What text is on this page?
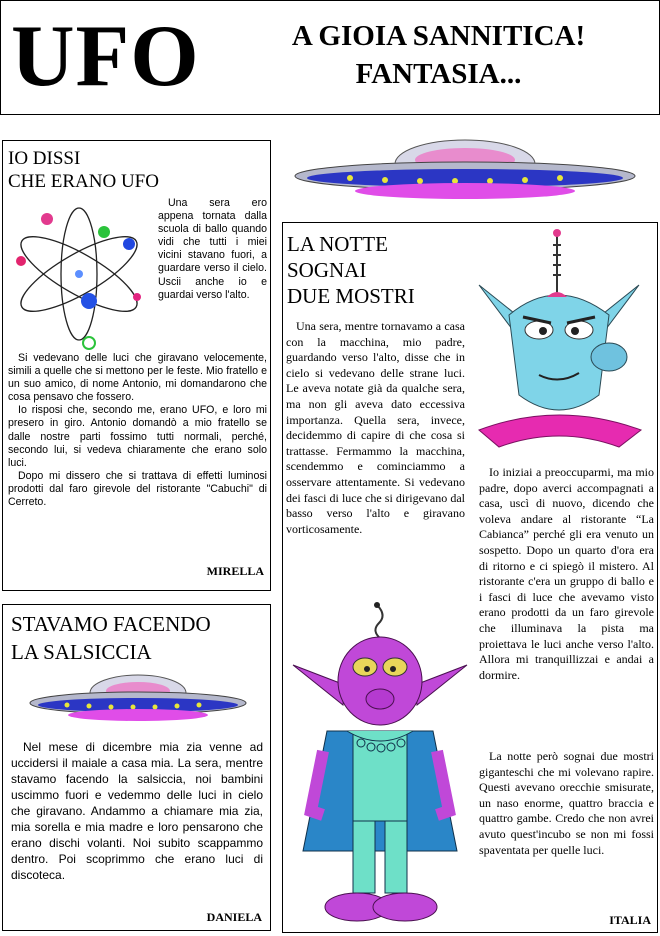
UFO	A GIOIA SANNITICA!
FANTASIA...
IO DISSI
CHE ERANO UFO

Una sera ero appena tornata dalla scuola di ballo quando vidi che tutti i miei vicini stavano fuori, a guardare verso il cielo. Uscii anche io e guardai verso l'alto.

Si vedevano delle luci che giravano velocemente, simili a quelle che si mettono per le feste. Mio fratello e un suo amico, di nome Antonio, mi domandarono che cosa pensavo che fossero.

Io risposi che, secondo me, erano UFO, e loro mi presero in giro. Antonio domandò a mio fratello se dalle nostre parti fossimo tutti normali, perché, secondo lui, si vedeva chiaramente che erano solo luci.

Dopo mi dissero che si trattava di effetti luminosi prodotti dal faro girevole del ristorante "Cabuchi" di Cerreto.

MIRELLA
STAVAMO FACENDO
LA SALSICCIA

Nel mese di dicembre mia zia venne ad uccidersi il maiale a casa mia. La sera, mentre stavamo facendo la salsiccia, noi bambini uscimmo fuori e vedemmo delle luci in cielo che giravano. Andammo a chiamare mia zia, mia sorella e mia madre e loro pensarono che erano dischi volanti. Noi subito scappammo dentro. Poi scoprimmo che erano luci di discoteca.

DANIELA
LA NOTTE
SOGNAI
DUE MOSTRI

Una sera, mentre tornavamo a casa con la macchina, mio padre, guardando verso l'alto, disse che in cielo si vedevano delle strane luci. Le aveva notate già da qualche sera, ma non gli aveva dato eccessiva importanza. Quella sera, invece, decidemmo di capire di che cosa si trattasse. Fermammo la macchina, scendemmo e cominciammo a osservare attentamente. Si vedevano dei fasci di luce che si dirigevano dal basso verso l'alto e giravano vorticosamente.

Io iniziai a preoccuparmi, ma mio padre, dopo averci accompagnati a casa, uscì di nuovo, dicendo che voleva andare al ristorante “La Cabianca” perché gli era venuto un sospetto. Dopo un quarto d'ora era di ritorno e ci spiegò il mistero. Al ristorante c'era un gruppo di ballo e i fasci di luce che avevamo visto erano prodotti da un faro girevole che illuminava la pista ma proiettava le luci anche verso l'alto. Allora mi tranquillizzai e andai a dormire.

La notte però sognai due mostri giganteschi che mi volevano rapire. Questi avevano orecchie smisurate, un naso enorme, quattro braccia e quattro gambe. Credo che non avrei avuto quest'incubo se non mi fossi spaventata per quelle luci.

ITALIA
